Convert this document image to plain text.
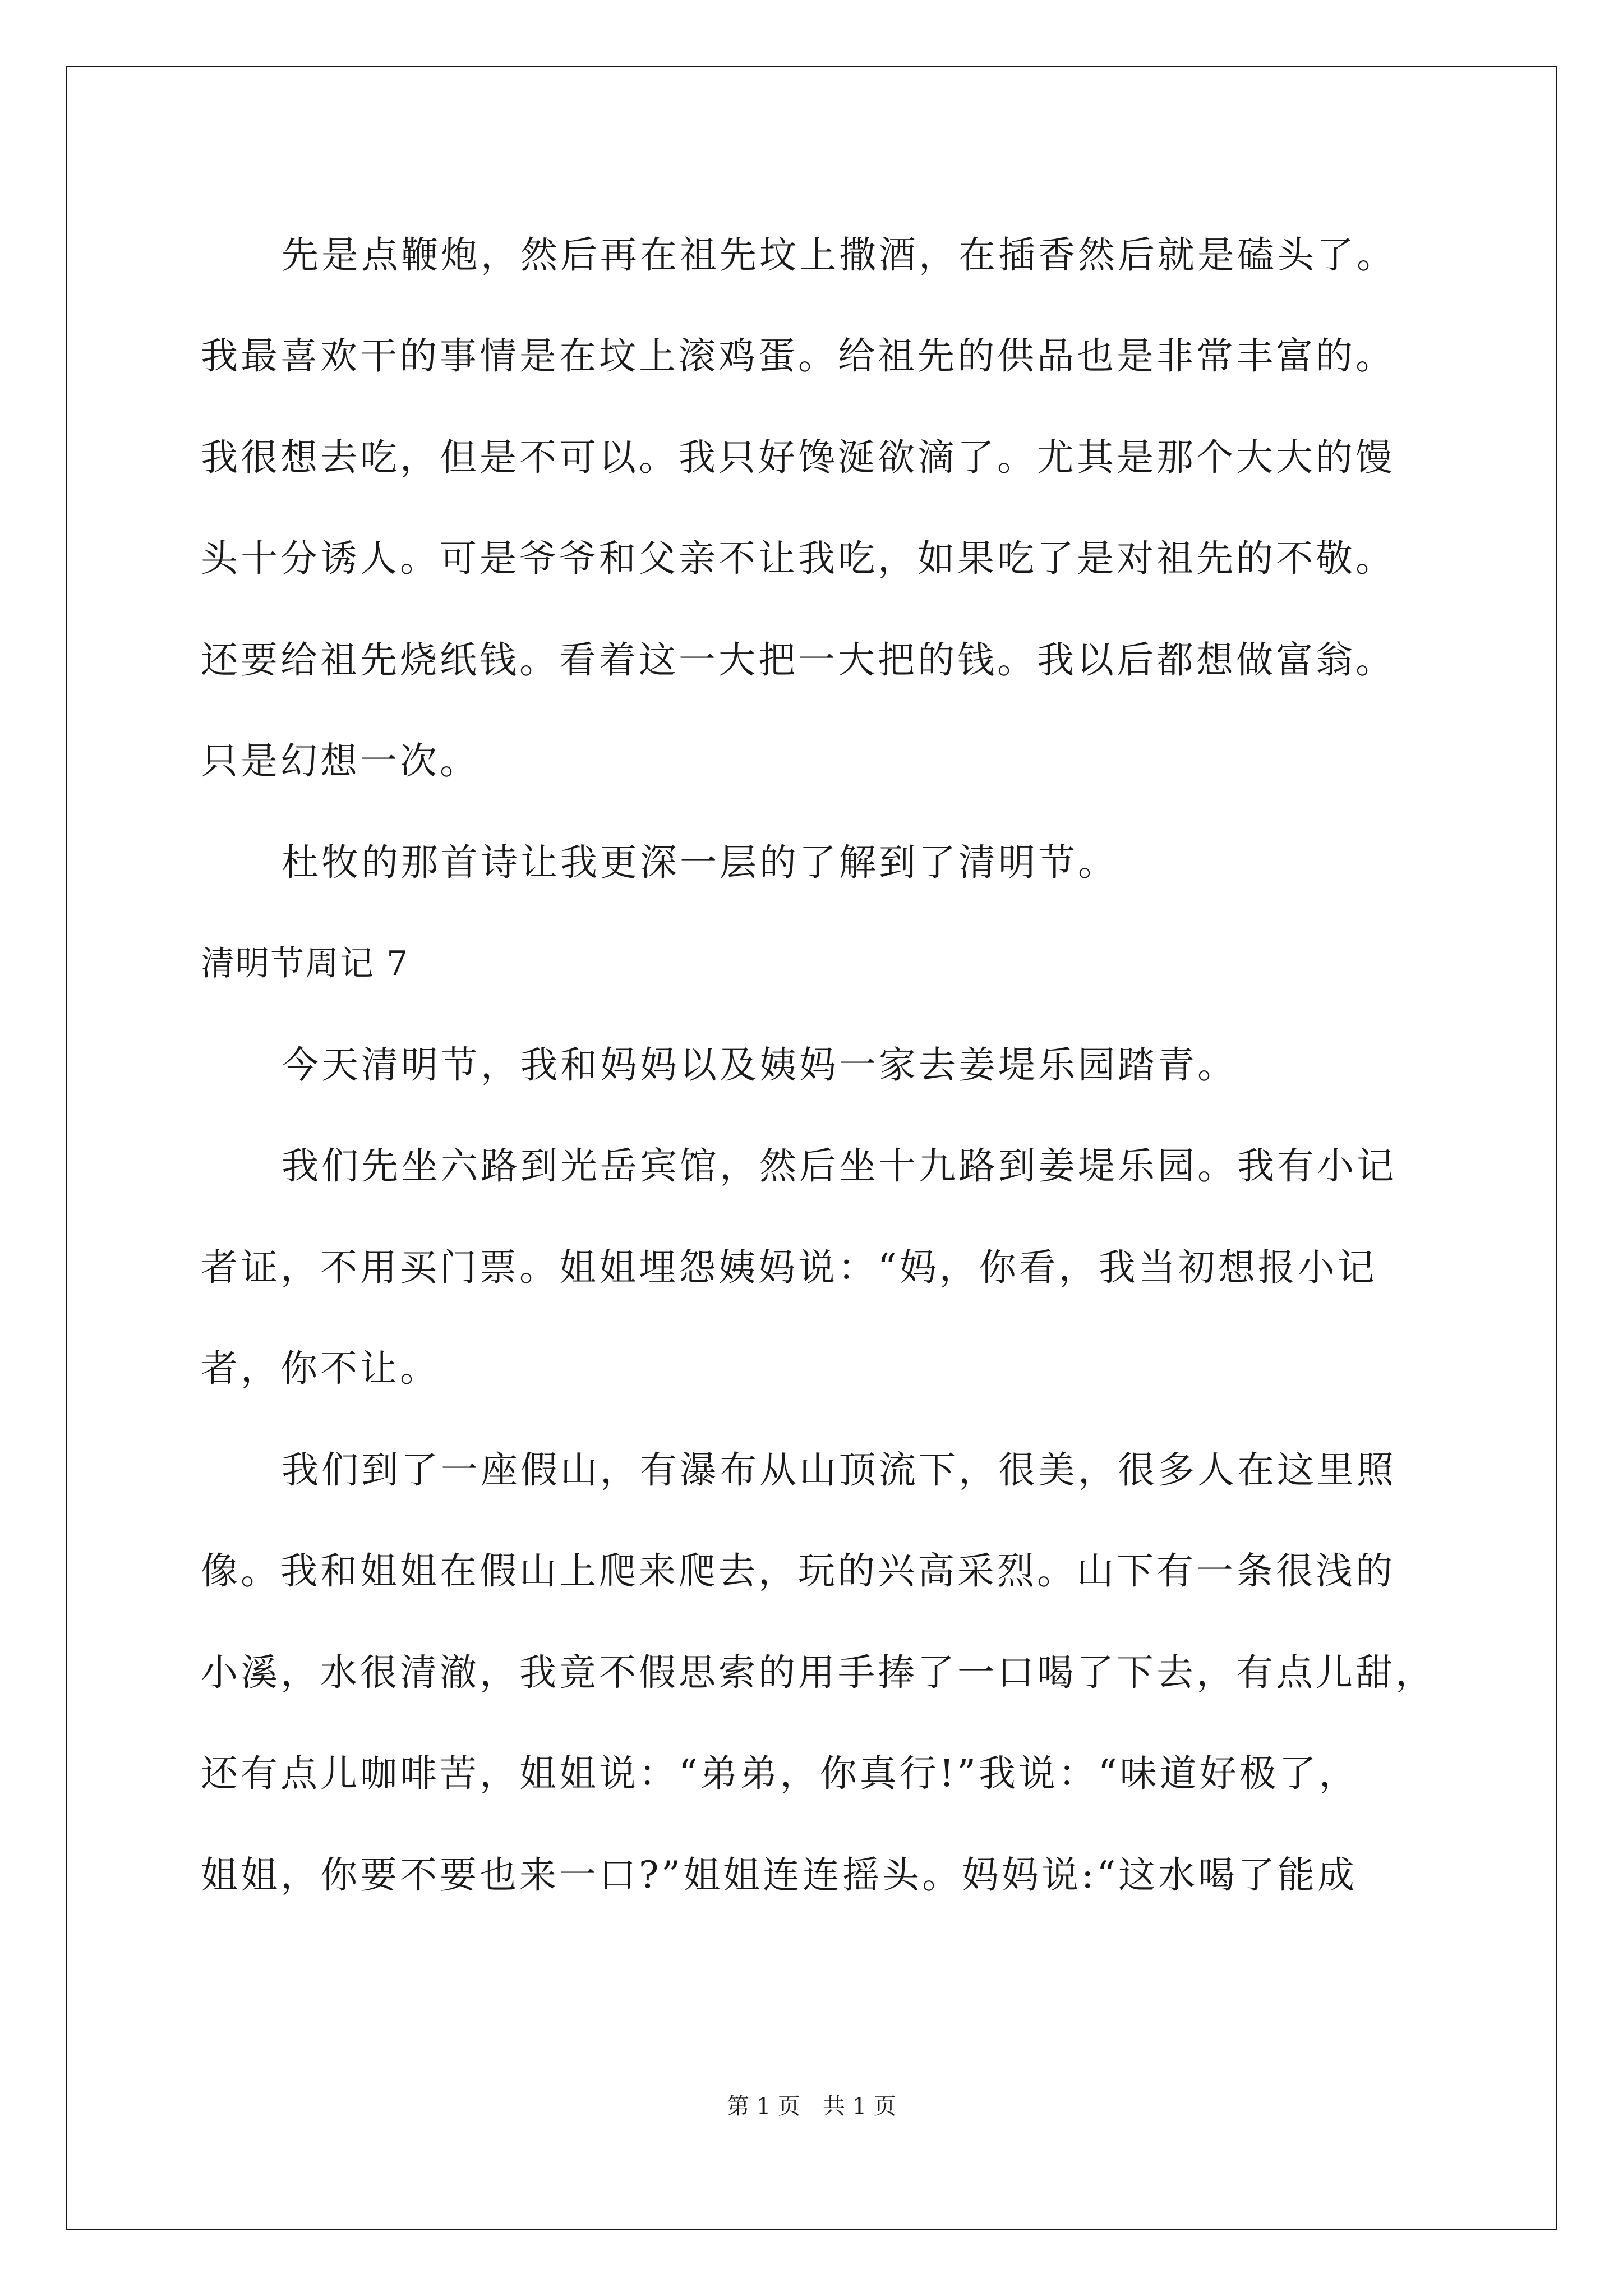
先是点鞭炮，然后再在祖先坟上撒酒，在插香然后就是磕头了。
我最喜欢干的事情是在坟上滚鸡蛋。给祖先的供品也是非常丰富的。
我很想去吃，但是不可以。我只好馋涎欲滴了。尤其是那个大大的馒
头十分诱人。可是爷爷和父亲不让我吃，如果吃了是对祖先的不敬。
还要给祖先烧纸钱。看着这一大把一大把的钱。我以后都想做富翁。
只是幻想一次。
杜牧的那首诗让我更深一层的了解到了清明节。
清明节周记 7
今天清明节，我和妈妈以及姨妈一家去姜堤乐园踏青。
我们先坐六路到光岳宾馆，然后坐十九路到姜堤乐园。我有小记
者证，不用买门票。姐姐埋怨姨妈说：“妈，你看，我当初想报小记
者，你不让。
我们到了一座假山，有瀑布从山顶流下，很美，很多人在这里照
像。我和姐姐在假山上爬来爬去，玩的兴高采烈。山下有一条很浅的
小溪，水很清澈，我竟不假思索的用手捧了一口喝了下去，有点儿甜，
还有点儿咖啡苦，姐姐说：“弟弟，你真行!”我说：“味道好极了，
姐姐，你要不要也来一口?”姐姐连连摇头。妈妈说:“这水喝了能成
第 1 页 共 1 页
